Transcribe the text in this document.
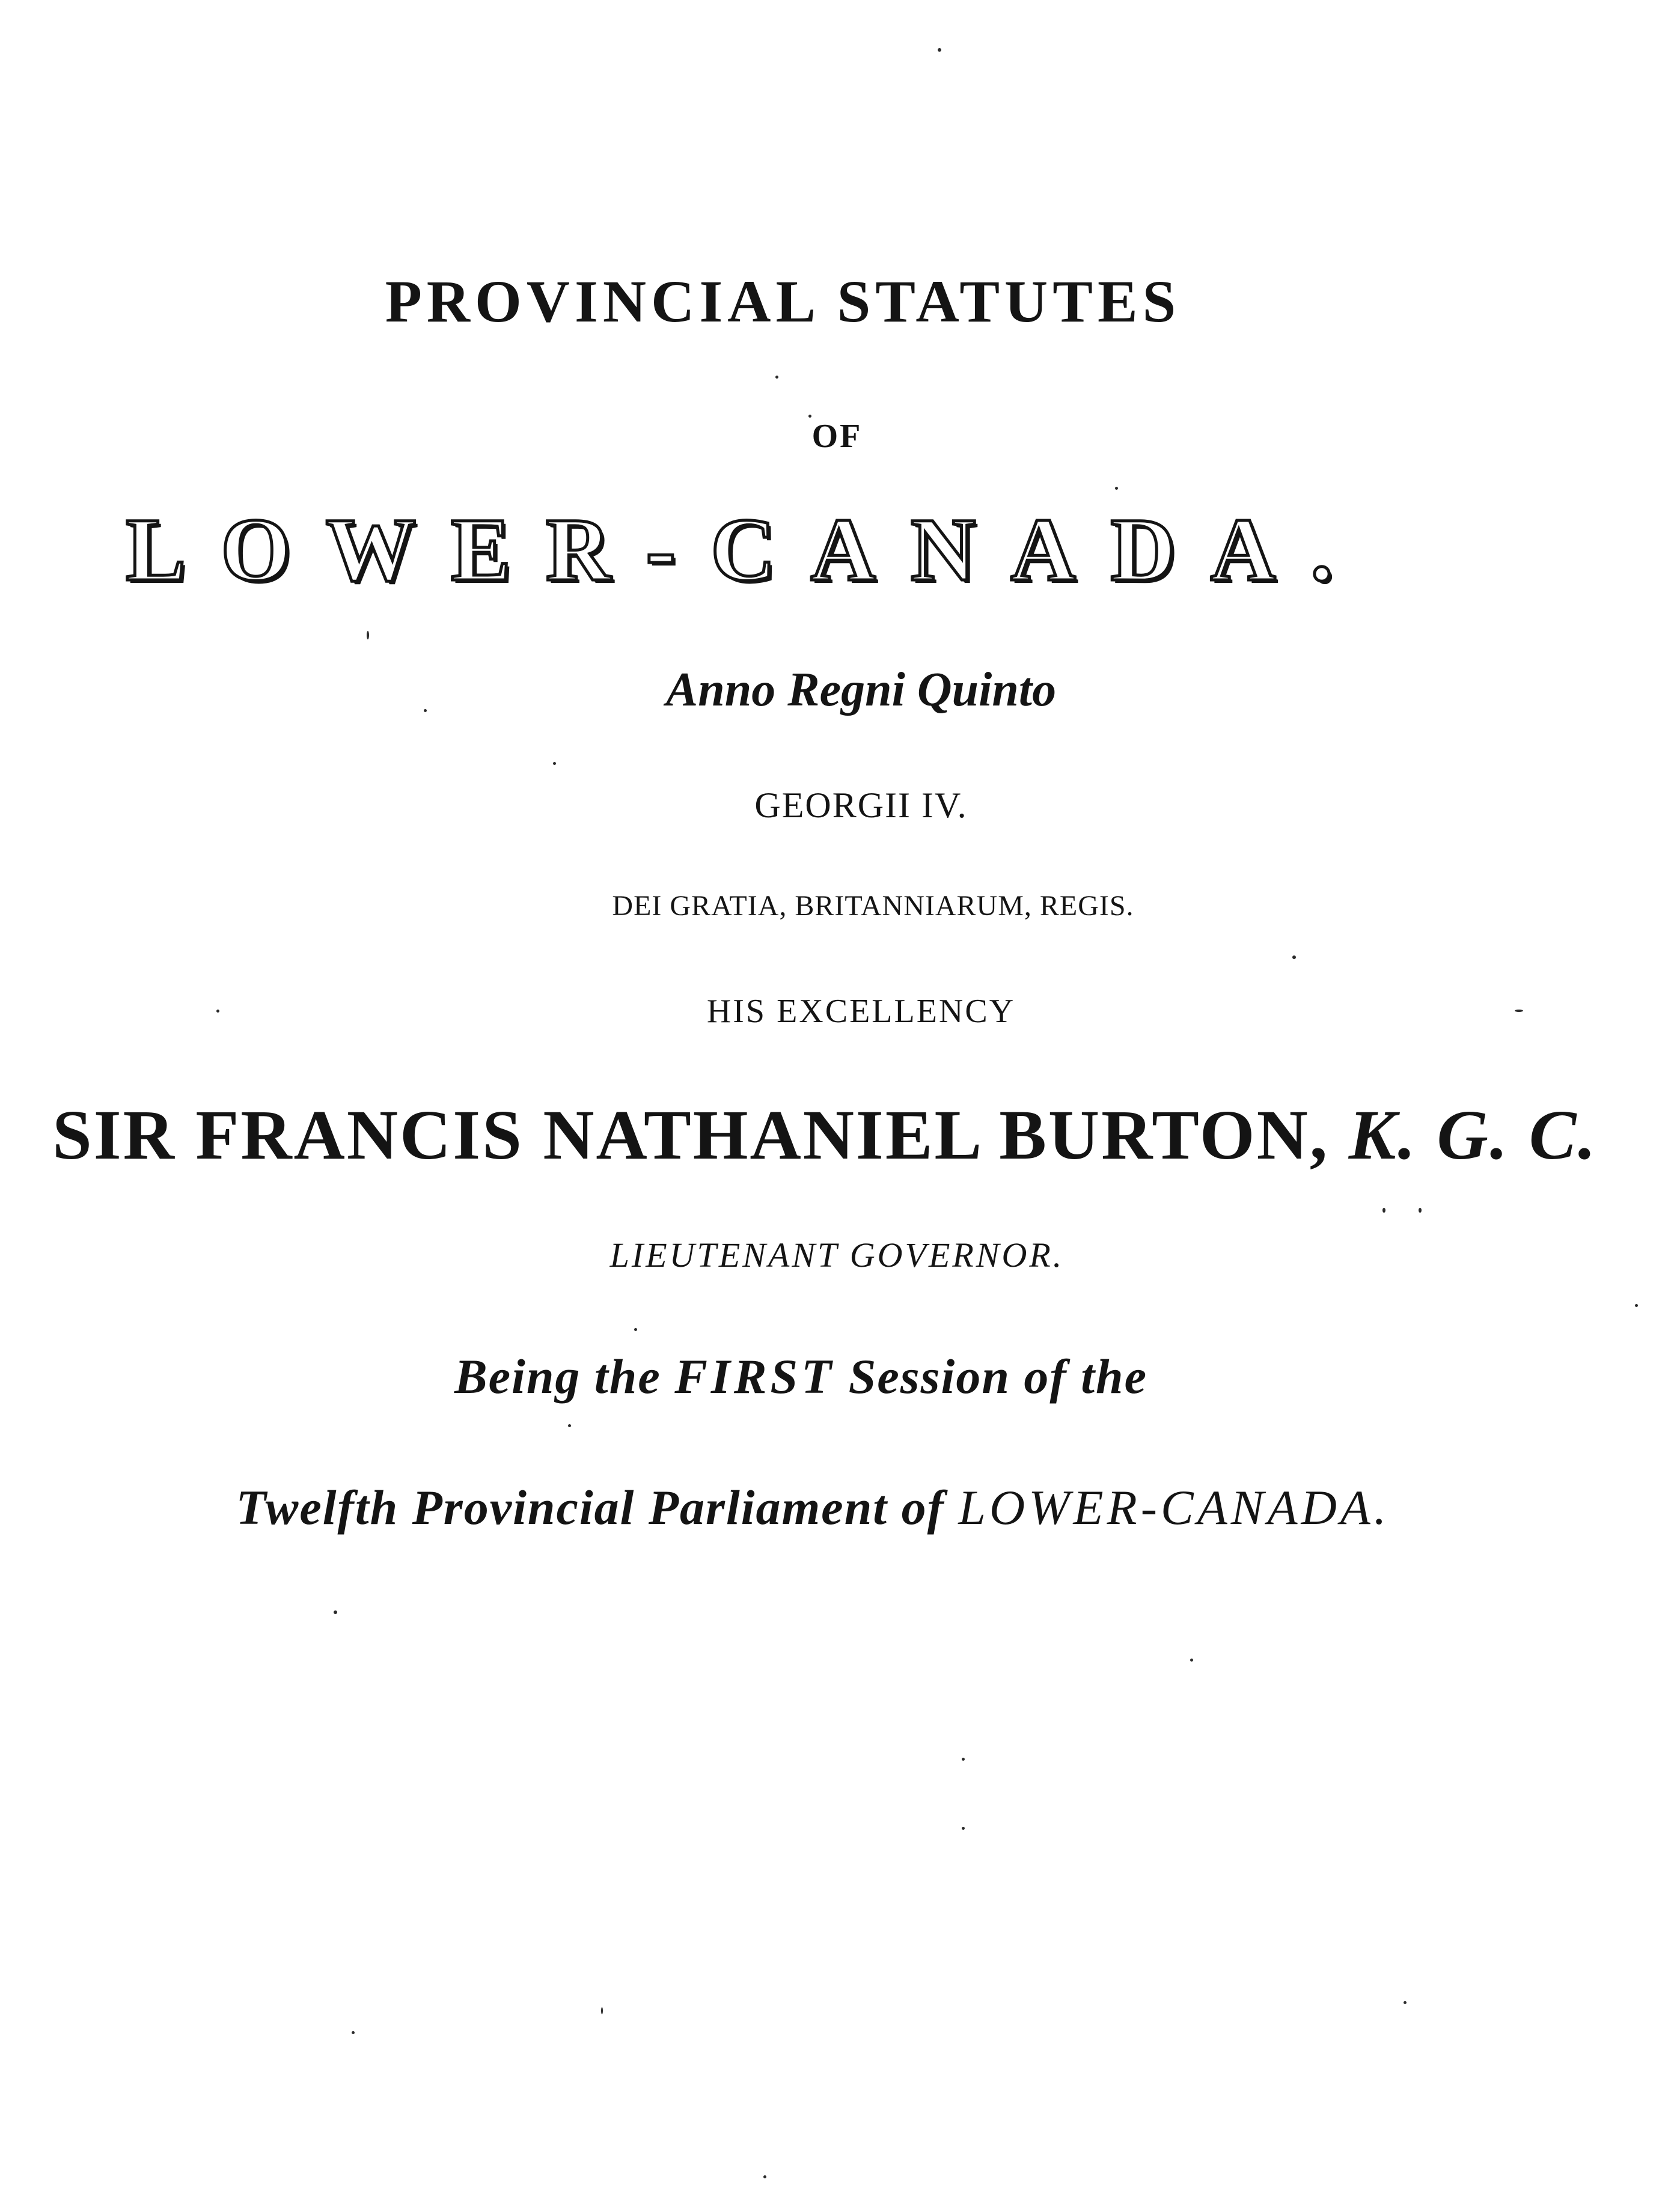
PROVINCIAL STATUTES
OF
LOWER-CANADA.
Anno Regni Quinto
GEORGII IV.
DEI GRATIA, BRITANNIARUM, REGIS.
HIS EXCELLENCY
SIR FRANCIS NATHANIEL BURTON, K. G. C.
LIEUTENANT GOVERNOR.
Being the FIRST Session of the
Twelfth Provincial Parliament of LOWER-CANADA.
